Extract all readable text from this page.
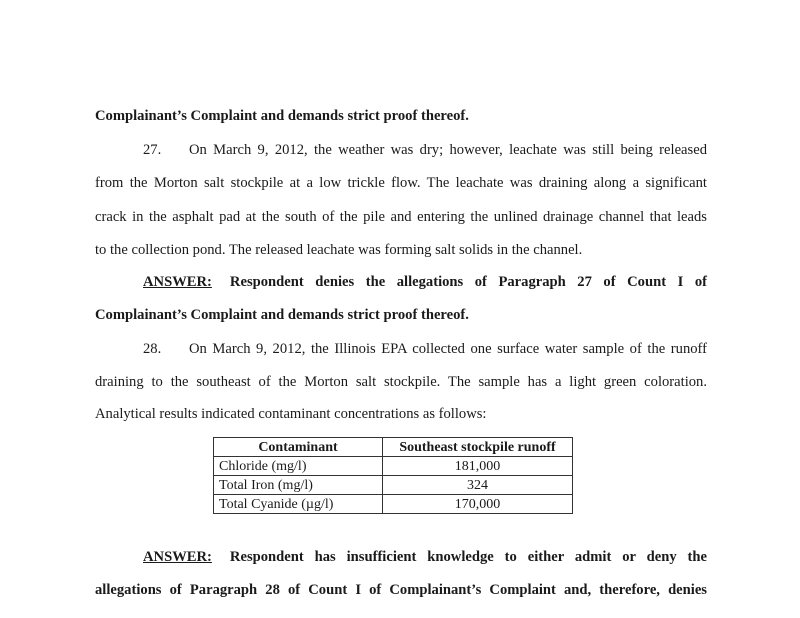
Complainant’s Complaint and demands strict proof thereof.
27. On March 9, 2012, the weather was dry; however, leachate was still being released
from the Morton salt stockpile at a low trickle flow. The leachate was draining along a significant
crack in the asphalt pad at the south of the pile and entering the unlined drainage channel that leads
to the collection pond. The released leachate was forming salt solids in the channel.
ANSWER: Respondent denies the allegations of Paragraph 27 of Count I of
Complainant’s Complaint and demands strict proof thereof.
28. On March 9, 2012, the Illinois EPA collected one surface water sample of the runoff
draining to the southeast of the Morton salt stockpile. The sample has a light green coloration.
Analytical results indicated contaminant concentrations as follows:
Contaminant	Southeast stockpile runoff
Chloride (mg/l)	181,000
Total Iron (mg/l)	324
Total Cyanide (µg/l)	170,000
ANSWER: Respondent has insufficient knowledge to either admit or deny the
allegations of Paragraph 28 of Count I of Complainant’s Complaint and, therefore, denies
